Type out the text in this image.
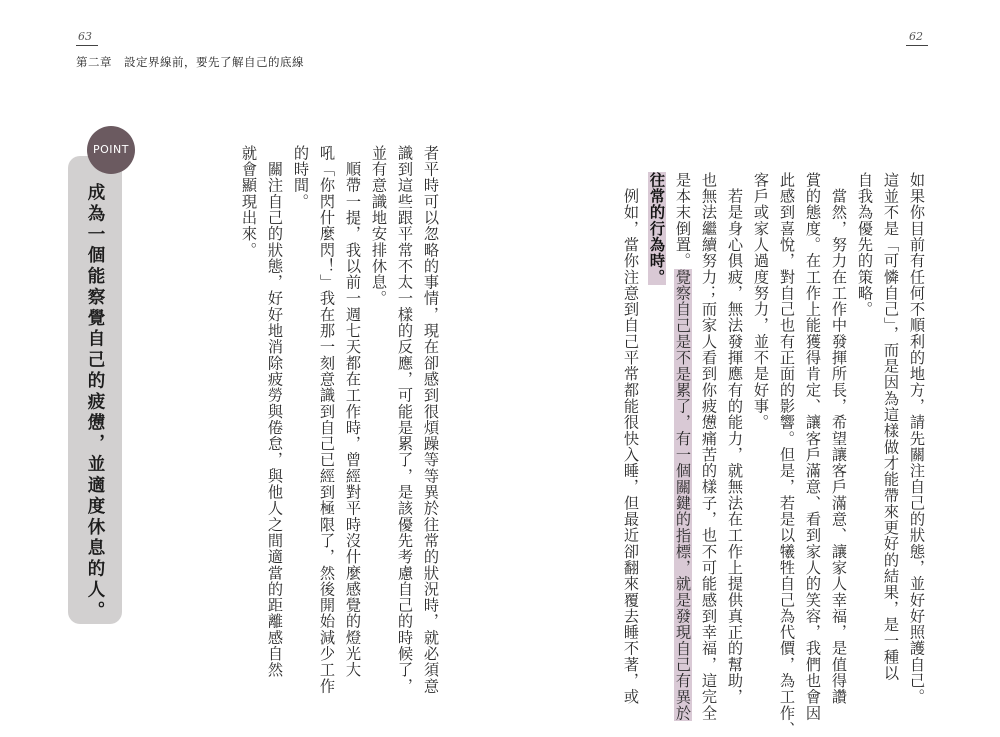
63	62
第二章　設定界線前，要先了解自己的底線
POINT
成為一個能察覺自己的疲憊，並適度休息的人。	如果你目前有任何不順利的地方，請先關注自己的狀態，並好好照護自己。
這並不是「可憐自己」，而是因為這樣做才能帶來更好的結果，是一種以
自我為優先的策略。
　當然，努力在工作中發揮所長，希望讓客戶滿意、讓家人幸福，是值得讚
賞的態度。在工作上能獲得肯定、讓客戶滿意、看到家人的笑容，我們也會因
此感到喜悅，對自己也有正面的影響。但是，若是以犧牲自己為代價，為工作、
客戶或家人過度努力，並不是好事。
　若是身心俱疲，無法發揮應有的能力，就無法在工作上提供真正的幫助，
也無法繼續努力；而家人看到你疲憊痛苦的樣子，也不可能感到幸福，這完全
是本末倒置。覺察自己是不是累了，有一個關鍵的指標，就是發現自己有異於
往常的行為時。
　例如，當你注意到自己平常都能很快入睡，但最近卻翻來覆去睡不著，或
者平時可以忽略的事情，現在卻感到很煩躁等等異於往常的狀況時，就必須意
識到這些跟平常不太一樣的反應，可能是累了，是該優先考慮自己的時候了，
並有意識地安排休息。
　順帶一提，我以前一週七天都在工作時，曾經對平時沒什麼感覺的燈光大
吼「你閃什麼閃！」我在那一刻意識到自己已經到極限了，然後開始減少工作
的時間。
　關注自己的狀態，好好地消除疲勞與倦怠，與他人之間適當的距離感自然
就會顯現出來。
